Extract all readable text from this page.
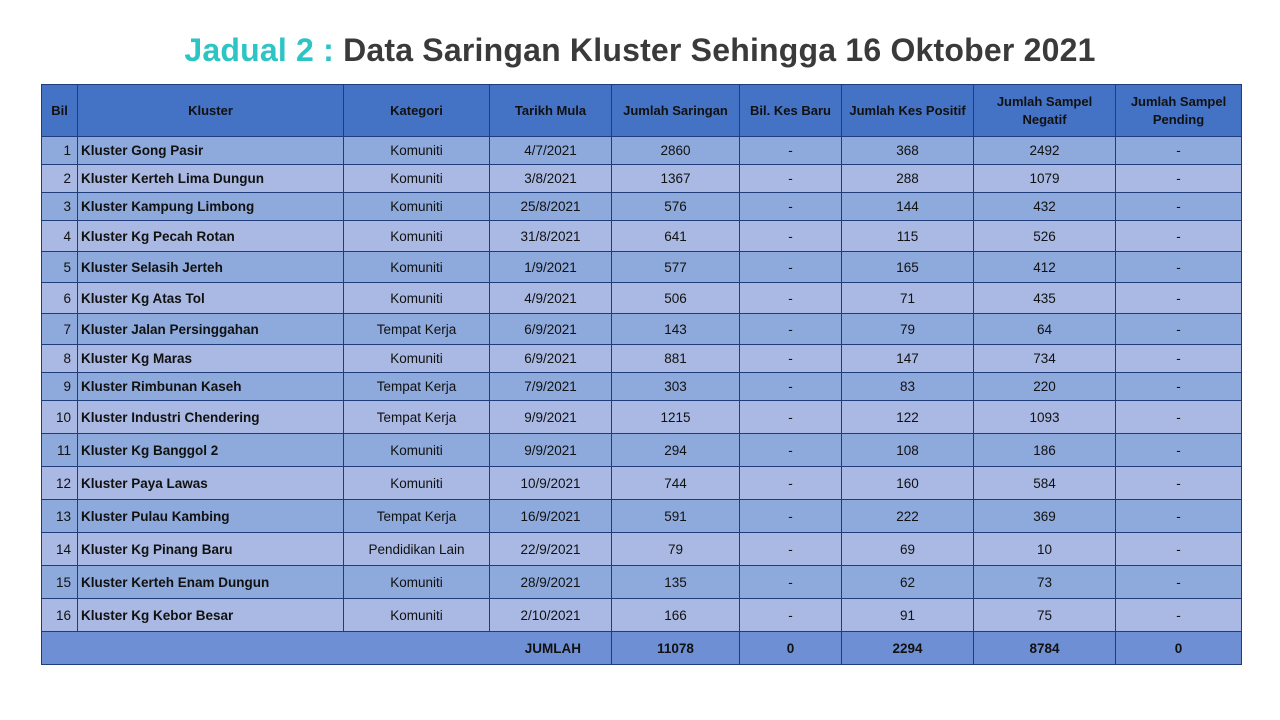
Jadual 2 : Data Saringan Kluster Sehingga 16 Oktober 2021
Bil	Kluster	Kategori	Tarikh Mula	Jumlah Saringan	Bil. Kes Baru	Jumlah Kes Positif	Jumlah Sampel Negatif	Jumlah Sampel Pending
1	Kluster Gong Pasir	Komuniti	4/7/2021	2860	-	368	2492	-
2	Kluster Kerteh Lima Dungun	Komuniti	3/8/2021	1367	-	288	1079	-
3	Kluster Kampung Limbong	Komuniti	25/8/2021	576	-	144	432	-
4	Kluster Kg Pecah Rotan	Komuniti	31/8/2021	641	-	115	526	-
5	Kluster Selasih Jerteh	Komuniti	1/9/2021	577	-	165	412	-
6	Kluster Kg Atas Tol	Komuniti	4/9/2021	506	-	71	435	-
7	Kluster Jalan Persinggahan	Tempat Kerja	6/9/2021	143	-	79	64	-
8	Kluster Kg Maras	Komuniti	6/9/2021	881	-	147	734	-
9	Kluster Rimbunan Kaseh	Tempat Kerja	7/9/2021	303	-	83	220	-
10	Kluster Industri Chendering	Tempat Kerja	9/9/2021	1215	-	122	1093	-
11	Kluster Kg Banggol 2	Komuniti	9/9/2021	294	-	108	186	-
12	Kluster Paya Lawas	Komuniti	10/9/2021	744	-	160	584	-
13	Kluster Pulau Kambing	Tempat Kerja	16/9/2021	591	-	222	369	-
14	Kluster Kg Pinang Baru	Pendidikan Lain	22/9/2021	79	-	69	10	-
15	Kluster Kerteh Enam Dungun	Komuniti	28/9/2021	135	-	62	73	-
16	Kluster Kg Kebor Besar	Komuniti	2/10/2021	166	-	91	75	-
JUMLAH				11078	0	2294	8784	0
